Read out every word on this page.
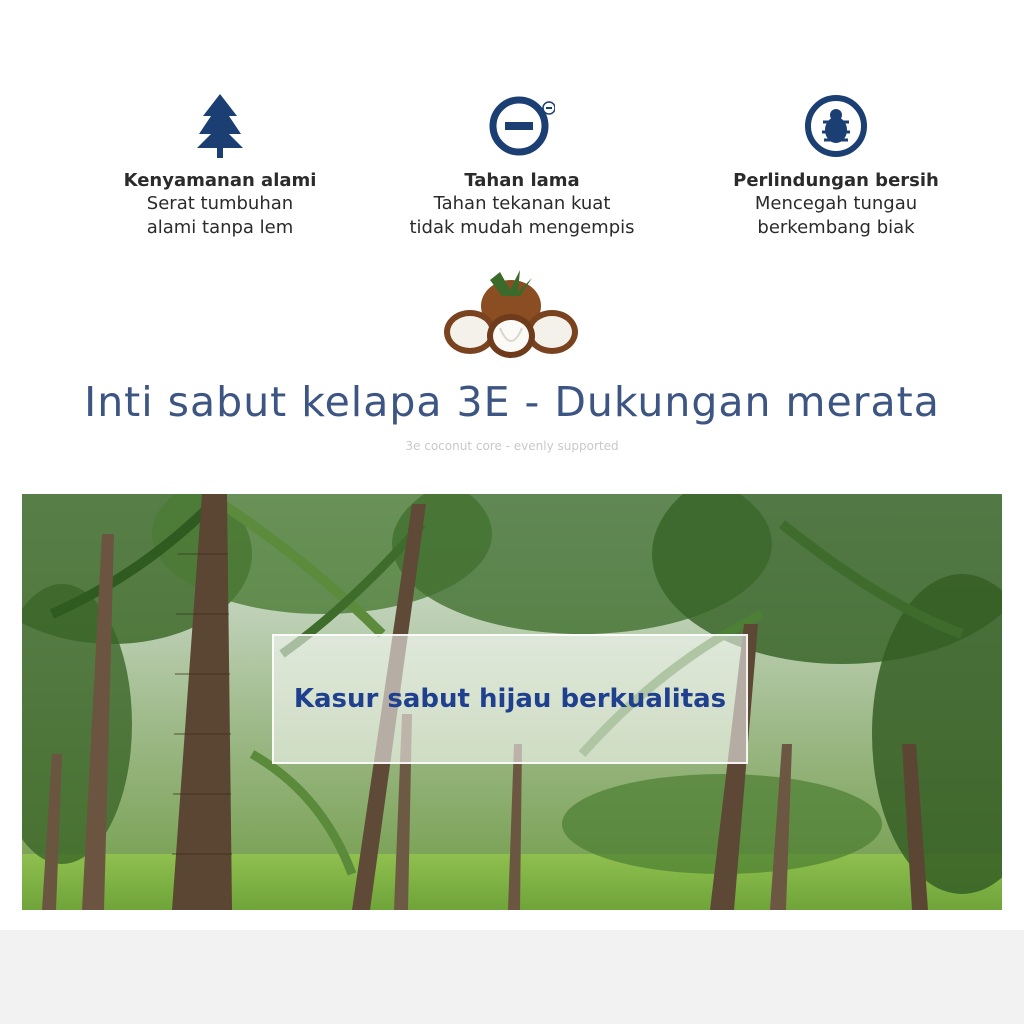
Kenyamanan alami
Serat tumbuhan
alami tanpa lem
Tahan lama
Tahan tekanan kuat
tidak mudah mengempis
Perlindungan bersih
Mencegah tungau
berkembang biak
Inti sabut kelapa 3E - Dukungan merata
3e coconut core - evenly supported
Kasur sabut hijau berkualitas
